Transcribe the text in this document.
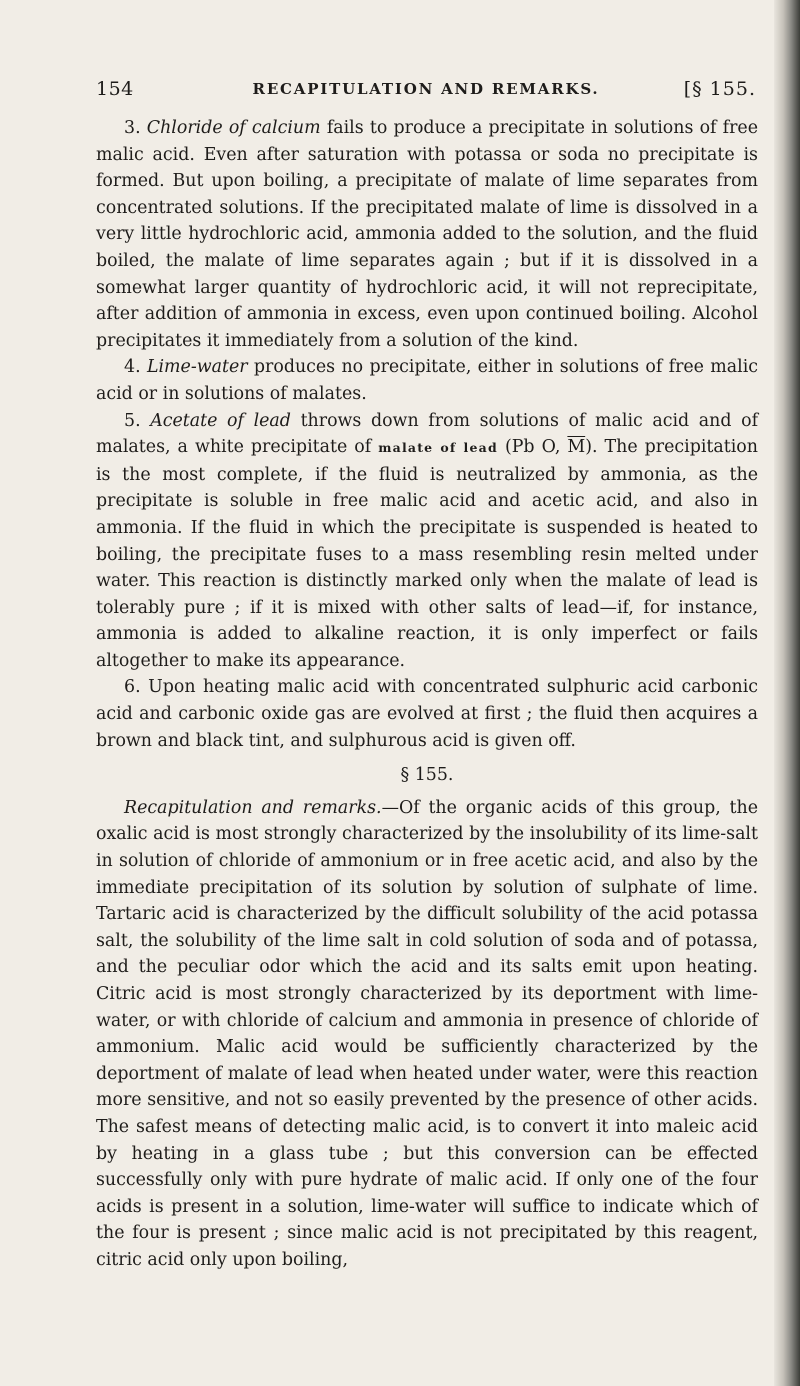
154	RECAPITULATION AND REMARKS.	[§ 155.

3. Chloride of calcium fails to produce a precipitate in solutions of free malic acid. Even after saturation with potassa or soda no precipitate is formed. But upon boiling, a precipitate of malate of lime separates from concentrated solutions. If the precipitated malate of lime is dissolved in a very little hydrochloric acid, ammonia added to the solution, and the fluid boiled, the malate of lime separates again ; but if it is dissolved in a somewhat larger quantity of hydrochloric acid, it will not reprecipitate, after addition of ammonia in excess, even upon continued boiling. Alcohol precipitates it immediately from a solution of the kind.

4. Lime-water produces no precipitate, either in solutions of free malic acid or in solutions of malates.

5. Acetate of lead throws down from solutions of malic acid and of malates, a white precipitate of malate of lead (Pb O, $\overline{M}$). The precipitation is the most complete, if the fluid is neutralized by ammonia, as the precipitate is soluble in free malic acid and acetic acid, and also in ammonia. If the fluid in which the precipitate is suspended is heated to boiling, the precipitate fuses to a mass resembling resin melted under water. This reaction is distinctly marked only when the malate of lead is tolerably pure ; if it is mixed with other salts of lead—if, for instance, ammonia is added to alkaline reaction, it is only imperfect or fails altogether to make its appearance.

6. Upon heating malic acid with concentrated sulphuric acid carbonic acid and carbonic oxide gas are evolved at first ; the fluid then acquires a brown and black tint, and sulphurous acid is given off.

§ 155.

Recapitulation and remarks.—Of the organic acids of this group, the oxalic acid is most strongly characterized by the insolubility of its lime-salt in solution of chloride of ammonium or in free acetic acid, and also by the immediate precipitation of its solution by solution of sulphate of lime. Tartaric acid is characterized by the difficult solubility of the acid potassa salt, the solubility of the lime salt in cold solution of soda and of potassa, and the peculiar odor which the acid and its salts emit upon heating. Citric acid is most strongly characterized by its deportment with lime-water, or with chloride of calcium and ammonia in presence of chloride of ammonium. Malic acid would be sufficiently characterized by the deportment of malate of lead when heated under water, were this reaction more sensitive, and not so easily prevented by the presence of other acids. The safest means of detecting malic acid, is to convert it into maleic acid by heating in a glass tube ; but this conversion can be effected successfully only with pure hydrate of malic acid. If only one of the four acids is present in a solution, lime-water will suffice to indicate which of the four is present ; since malic acid is not precipitated by this reagent, citric acid only upon boiling,
